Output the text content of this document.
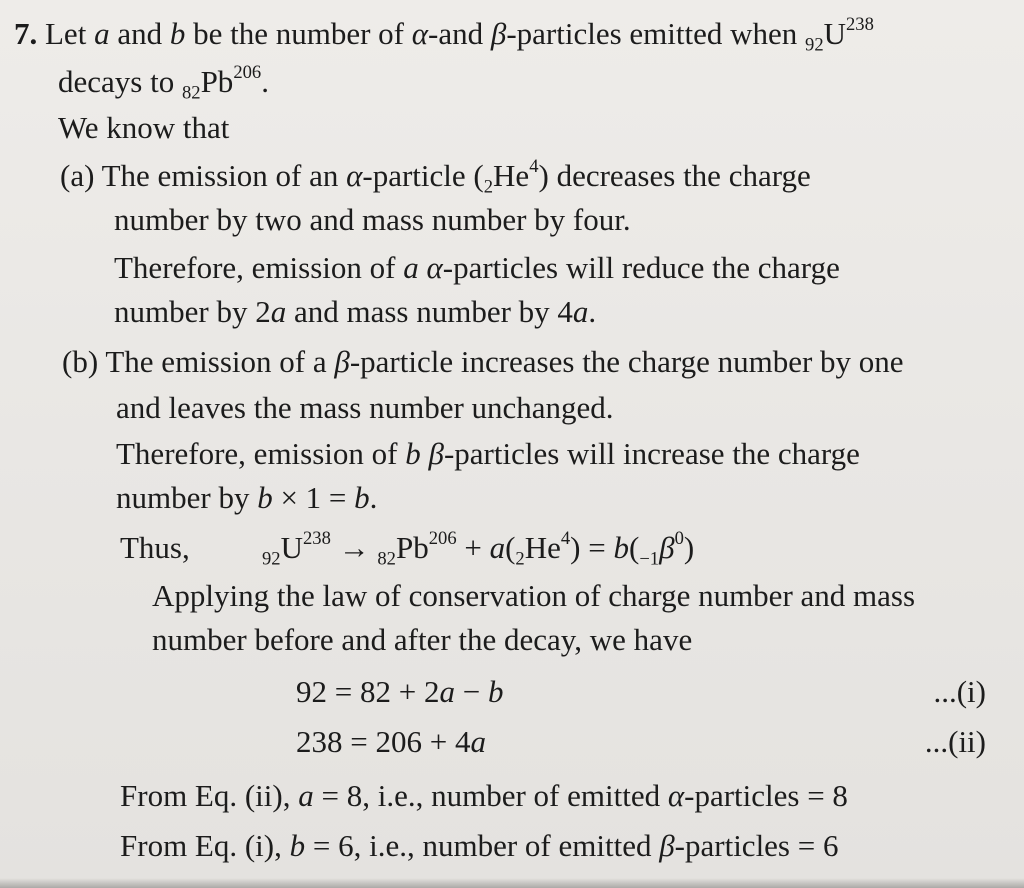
7. Let a and b be the number of α-and β-particles emitted when $_{92}U^{238}$
decays to $_{82}Pb^{206}$.
We know that
(a) The emission of an α-particle $(_2He^4)$ decreases the charge
number by two and mass number by four.
Therefore, emission of a α-particles will reduce the charge
number by 2a and mass number by 4a.
(b) The emission of a β-particle increases the charge number by one
and leaves the mass number unchanged.
Therefore, emission of b β-particles will increase the charge
number by b × 1 = b.
Thus,	$_{92}U^{238} \to _{82}Pb^{206} + a(_2He^4) = b(_{-1}\beta^0)$
Applying the law of conservation of charge number and mass
number before and after the decay, we have
92 = 82 + 2a − b	...(i)
238 = 206 + 4a	...(ii)
From Eq. (ii), a = 8, i.e., number of emitted α-particles = 8
From Eq. (i), b = 6, i.e., number of emitted β-particles = 6
